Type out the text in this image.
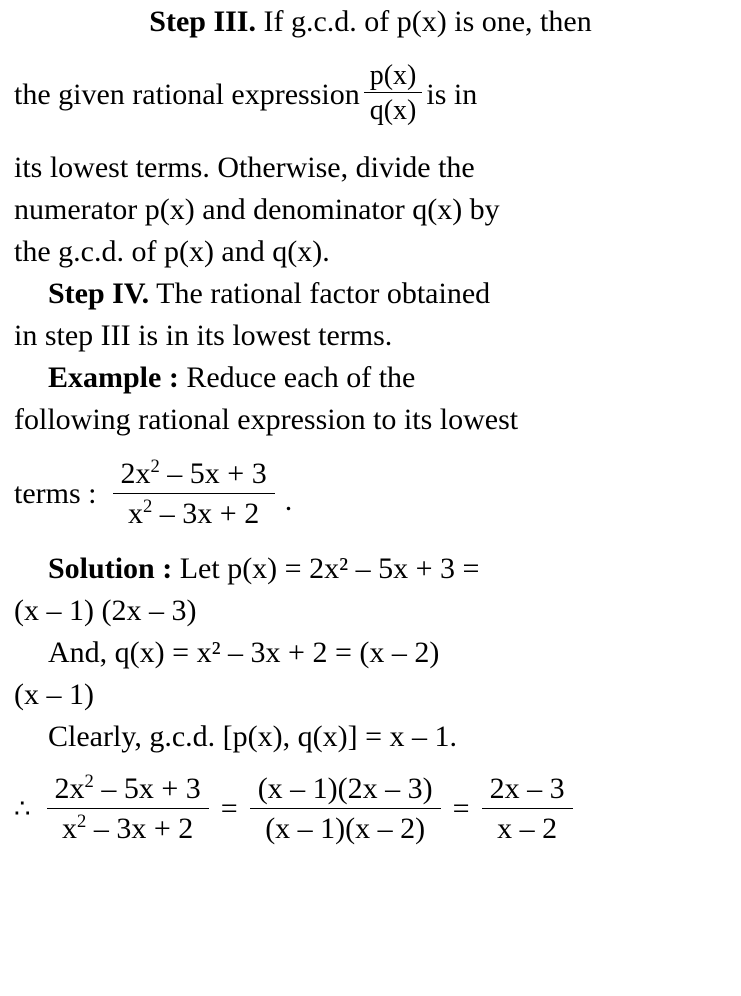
Step III. If g.c.d. of p(x) is one, then
the given rational expression $\frac{p(x)}{q(x)}$ is in
its lowest terms. Otherwise, divide the
numerator p(x) and denominator q(x) by
the g.c.d. of p(x) and q(x).
Step IV. The rational factor obtained
in step III is in its lowest terms.
Example : Reduce each of the
following rational expression to its lowest
terms : $\frac{2x^2 - 5x + 3}{x^2 - 3x + 2}$ .
Solution : Let p(x) = 2x² – 5x + 3 =
(x – 1) (2x – 3)
And, q(x) = x² – 3x + 2 = (x – 2)
(x – 1)
Clearly, g.c.d. [p(x), q(x)] = x – 1.
∴ $\frac{2x^2 - 5x + 3}{x^2 - 3x + 2} = \frac{(x - 1)(2x - 3)}{(x - 1)(x - 2)} = \frac{2x - 3}{x - 2}$
